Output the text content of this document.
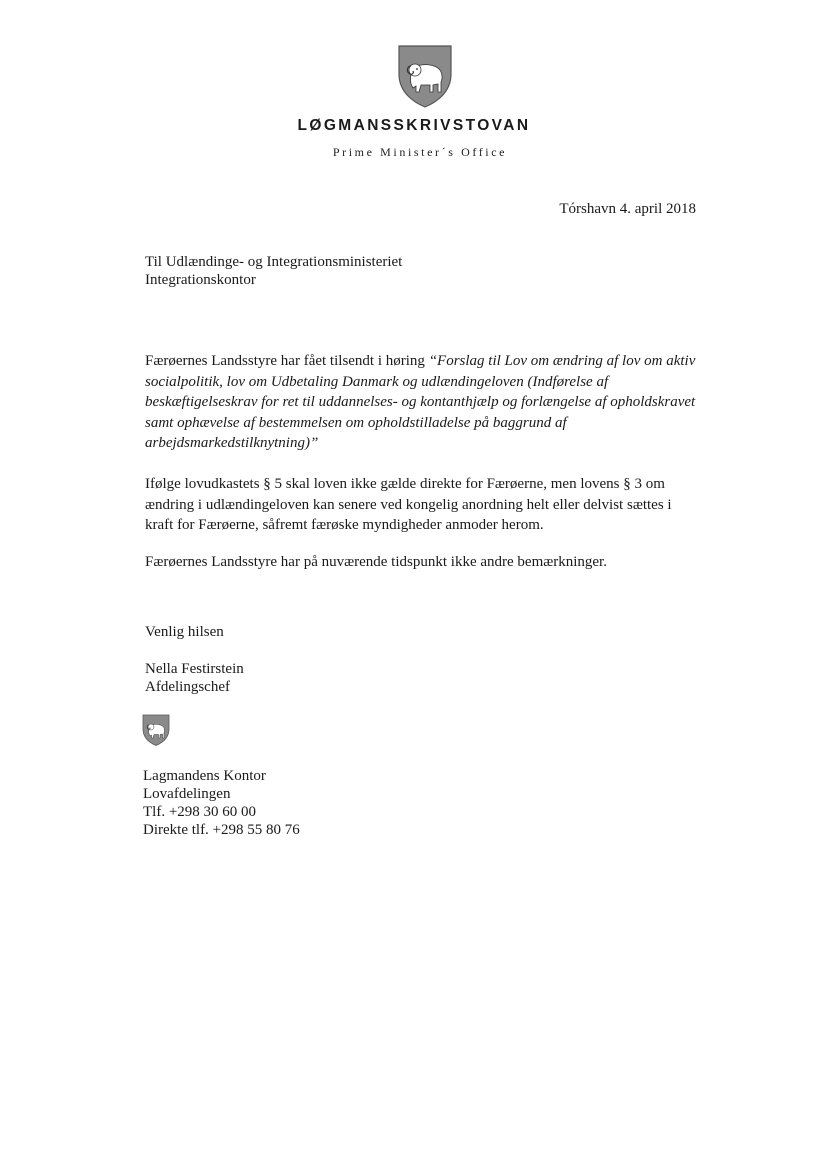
LØGMANSSKRIVSTOVAN
Prime Minister´s Office
Tórshavn 4. april 2018
Til Udlændinge- og Integrationsministeriet
Integrationskontor
Færøernes Landsstyre har fået tilsendt i høring “Forslag til Lov om ændring af lov om aktiv socialpolitik, lov om Udbetaling Danmark og udlændingeloven (Indførelse af beskæftigelseskrav for ret til uddannelses- og kontanthjælp og forlængelse af opholdskravet samt ophævelse af bestemmelsen om opholdstilladelse på baggrund af arbejdsmarkedstilknytning)”
Ifølge lovudkastets § 5 skal loven ikke gælde direkte for Færøerne, men lovens § 3 om ændring i udlændingeloven kan senere ved kongelig anordning helt eller delvist sættes i kraft for Færøerne, såfremt færøske myndigheder anmoder herom.
Færøernes Landsstyre har på nuværende tidspunkt ikke andre bemærkninger.
Venlig hilsen
Nella Festirstein
Afdelingschef
Lagmandens Kontor
Lovafdelingen
Tlf. +298 30 60 00
Direkte tlf. +298 55 80 76
